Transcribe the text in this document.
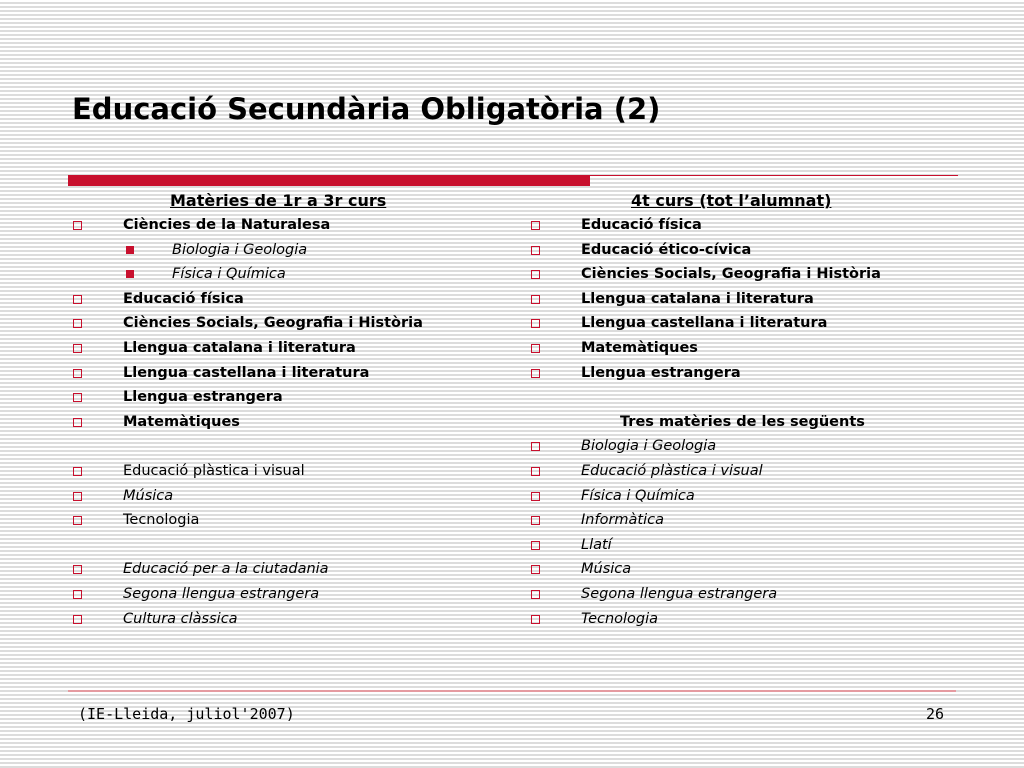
Educació Secundària Obligatòria (2)
Matèries de 1r a 3r curs
Ciències de la Naturalesa
Biologia i Geologia
Física i Química
Educació física
Ciències Socials, Geografia i Història
Llengua catalana i literatura
Llengua castellana i literatura
Llengua estrangera
Matemàtiques
Educació plàstica i visual
Música
Tecnologia
Educació per a la ciutadania
Segona llengua estrangera
Cultura clàssica
4t curs (tot l’alumnat)
Educació física
Educació ético-cívica
Ciències Socials, Geografia i Història
Llengua catalana i literatura
Llengua castellana i literatura
Matemàtiques
Llengua estrangera
Tres matèries de les següents
Biologia i Geologia
Educació plàstica i visual
Física i Química
Informàtica
Llatí
Música
Segona llengua estrangera
Tecnologia
(IE-Lleida, juliol'2007)	26
